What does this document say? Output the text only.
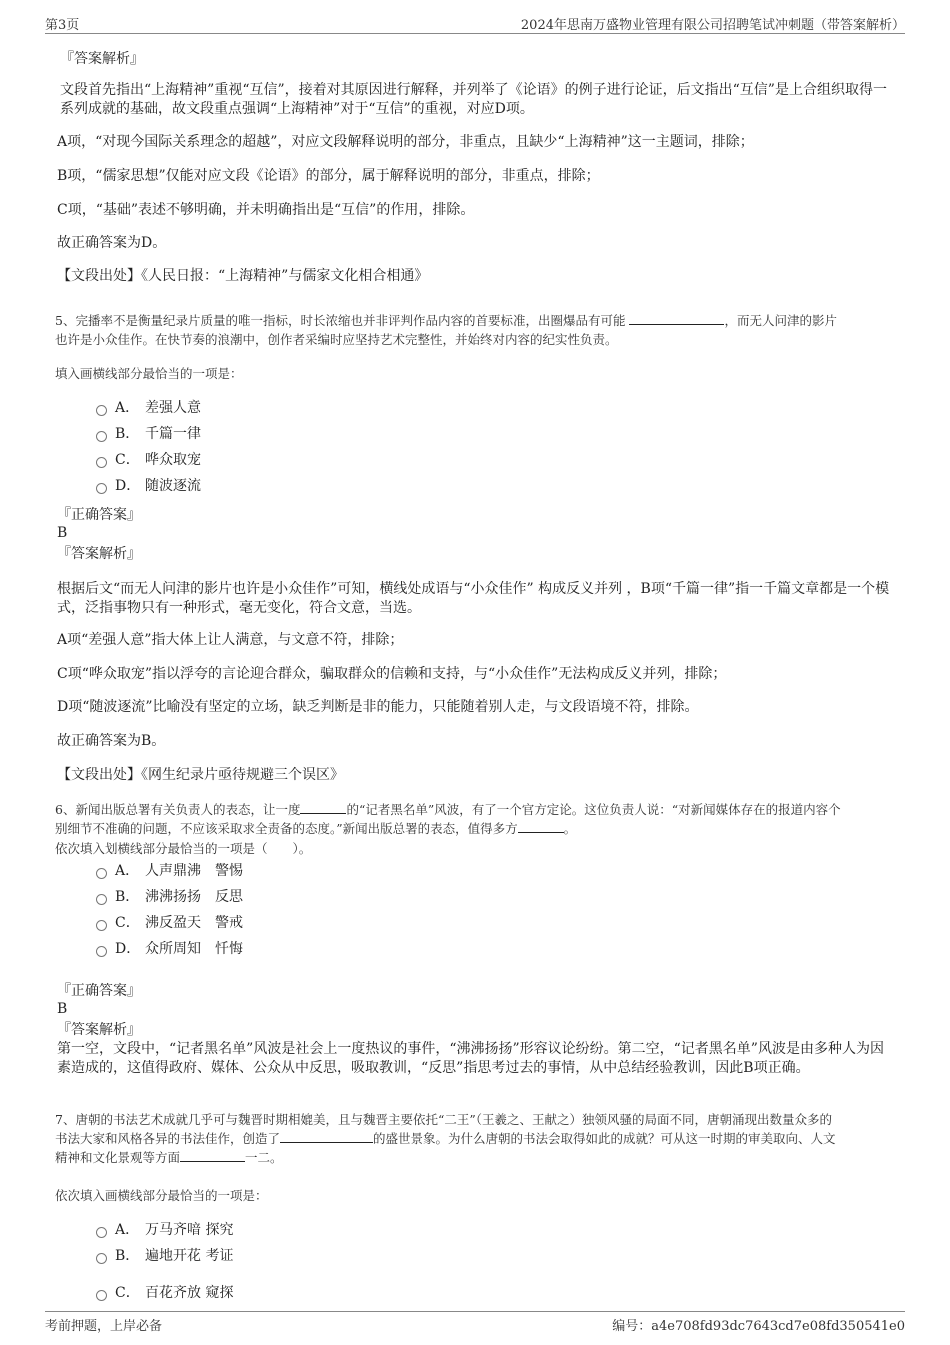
第3页	2024年思南万盛物业管理有限公司招聘笔试冲刺题（带答案解析）
『答案解析』
文段首先指出“上海精神”重视“互信”，接着对其原因进行解释，并列举了《论语》的例子进行论证，后文指出“互信”是上合组织取得一系列成就的基础，故文段重点强调“上海精神”对于“互信”的重视，对应D项。
A项，“对现今国际关系理念的超越”，对应文段解释说明的部分，非重点，且缺少“上海精神”这一主题词，排除；
B项，“儒家思想”仅能对应文段《论语》的部分，属于解释说明的部分，非重点，排除；
C项，“基础”表述不够明确，并未明确指出是“互信”的作用，排除。
故正确答案为D。
【文段出处】《人民日报：“上海精神”与儒家文化相合相通》
5、完播率不是衡量纪录片质量的唯一指标，时长浓缩也并非评判作品内容的首要标准，出圈爆品有可能	，而无人问津的影片
也许是小众佳作。在快节奏的浪潮中，创作者采编时应坚持艺术完整性，并始终对内容的纪实性负责。
填入画横线部分最恰当的一项是：
A． 差强人意
B． 千篇一律
C． 哗众取宠
D． 随波逐流
『正确答案』
B
『答案解析』
根据后文“而无人问津的影片也许是小众佳作”可知，横线处成语与“小众佳作” 构成反义并列 ，B项“千篇一律”指一千篇文章都是一个模式，泛指事物只有一种形式，毫无变化，符合文意，当选。
A项“差强人意”指大体上让人满意，与文意不符，排除；
C项“哗众取宠”指以浮夸的言论迎合群众，骗取群众的信赖和支持，与“小众佳作”无法构成反义并列，排除；
D项“随波逐流”比喻没有坚定的立场，缺乏判断是非的能力，只能随着别人走，与文段语境不符，排除。
故正确答案为B。
【文段出处】《网生纪录片亟待规避三个误区》
6、新闻出版总署有关负责人的表态，让一度	的“记者黑名单”风波，有了一个官方定论。这位负责人说：“对新闻媒体存在的报道内容个
别细节不准确的问题，不应该采取求全责备的态度。”新闻出版总署的表态，值得多方	。
依次填入划横线部分最恰当的一项是（　　）。
A． 人声鼎沸　警惕
B． 沸沸扬扬　反思
C． 沸反盈天　警戒
D． 众所周知　忏悔
『正确答案』
B
『答案解析』
第一空，文段中，“记者黑名单”风波是社会上一度热议的事件，“沸沸扬扬”形容议论纷纷。第二空，“记者黑名单”风波是由多种人为因素造成的，这值得政府、媒体、公众从中反思，吸取教训，“反思”指思考过去的事情，从中总结经验教训，因此B项正确。
7、唐朝的书法艺术成就几乎可与魏晋时期相媲美，且与魏晋主要依托“二王”（王羲之、王献之）独领风骚的局面不同，唐朝涌现出数量众多的
书法大家和风格各异的书法佳作，创造了	的盛世景象。为什么唐朝的书法会取得如此的成就？可从这一时期的审美取向、人文
精神和文化景观等方面	一二。
依次填入画横线部分最恰当的一项是：
A． 万马齐喑 探究
B． 遍地开花 考证
C． 百花齐放 窥探
考前押题，上岸必备	编号：a4e708fd93dc7643cd7e08fd350541e0
